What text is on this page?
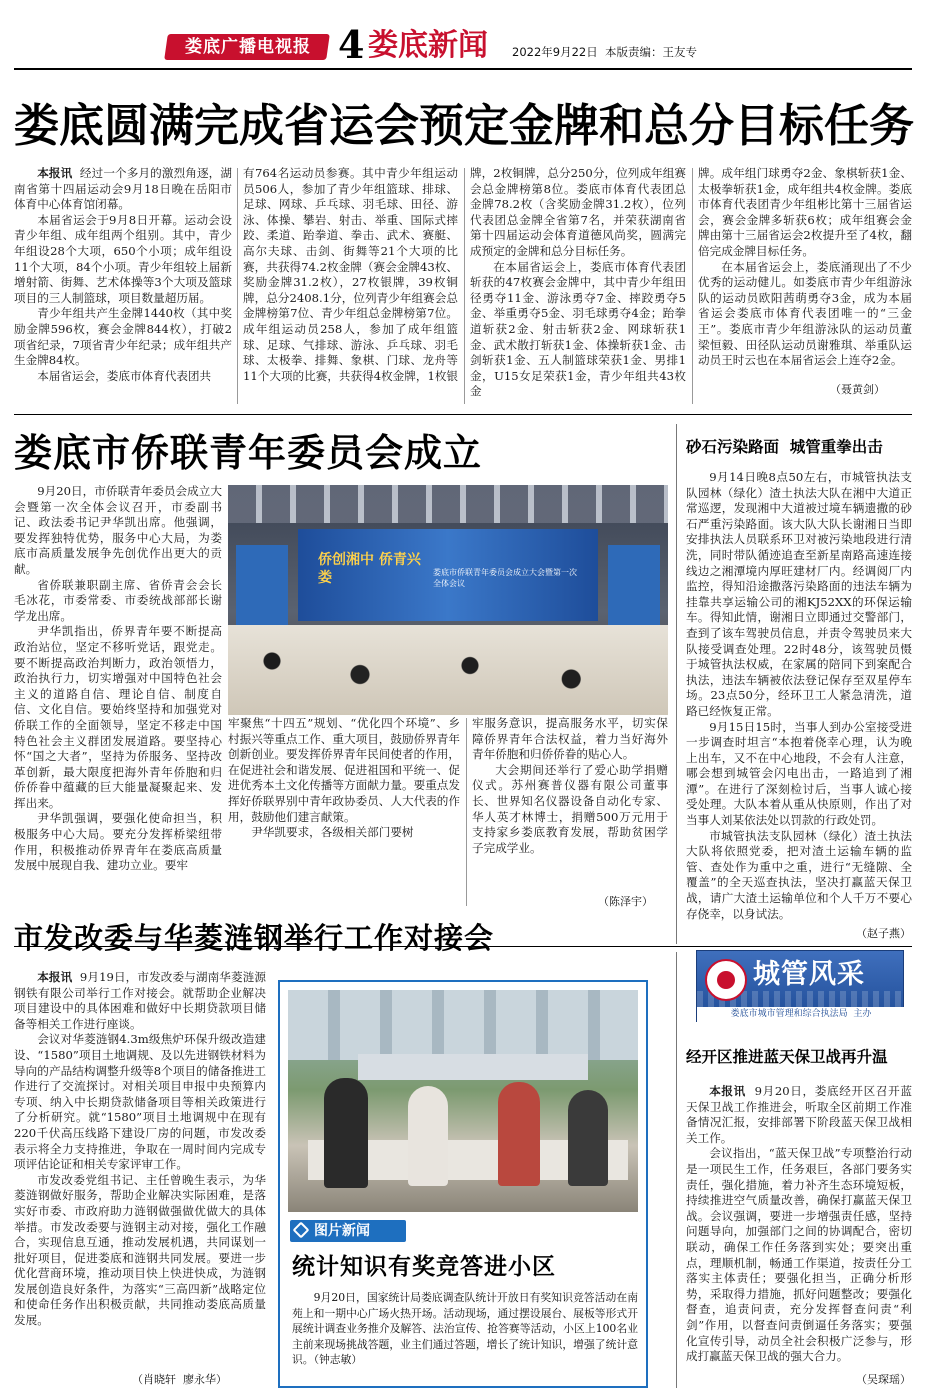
娄底广播电视报 4 娄底新闻 2022年9月22日  本版责编：王友专
娄底圆满完成省运会预定金牌和总分目标任务

本报讯 经过一个多月的激烈角逐，湖南省第十四届运动会9月18日晚在岳阳市体育中心体育馆闭幕。

本届省运会于9月8日开幕。运动会设青少年组、成年组两个组别。其中，青少年组设28个大项，650个小项；成年组设11个大项，84个小项。青少年组较上届新增射箭、街舞、艺术体操等3个大项及篮球项目的三人制篮球，项目数量超历届。

青少年组共产生金牌1440枚（其中奖励金牌596枚，赛会金牌844枚），打破2项省纪录，7项省青少年纪录；成年组共产生金牌84枚。

本届省运会，娄底市体育代表团共

有764名运动员参赛。其中青少年组运动员506人，参加了青少年组篮球、排球、足球、网球、乒乓球、羽毛球、田径、游泳、体操、攀岩、射击、举重、国际式摔跤、柔道、跆拳道、拳击、武术、赛艇、高尔夫球、击剑、街舞等21个大项的比赛，共获得74.2枚金牌（赛会金牌43枚、奖励金牌31.2枚），27枚银牌，39枚铜牌，总分2408.1分，位列青少年组赛会总金牌榜第7位、青少年组总金牌榜第7位。成年组运动员258人，参加了成年组篮球、足球、气排球、游泳、乒乓球、羽毛球、太极拳、排舞、象棋、门球、龙舟等11个大项的比赛，共获得4枚金牌，1枚银

牌，2枚铜牌，总分250分，位列成年组赛会总金牌榜第8位。娄底市体育代表团总金牌78.2枚（含奖励金牌31.2枚），位列代表团总金牌全省第7名，并荣获湖南省第十四届运动会体育道德风尚奖，圆满完成预定的金牌和总分目标任务。

在本届省运会上，娄底市体育代表团斩获的47枚赛会金牌中，其中青少年组田径勇夺11金、游泳勇夺7金、摔跤勇夺5金、举重勇夺5金、羽毛球勇夺4金；跆拳道斩获2金、射击斩获2金、网球斩获1金、武术散打斩获1金、体操斩获1金、击剑斩获1金、五人制篮球荣获1金、男排1金，U15女足荣获1金，青少年组共43枚金

牌。成年组门球勇夺2金、象棋斩获1金、太极拳斩获1金，成年组共4枚金牌。娄底市体育代表团青少年组彬比第十三届省运会，赛会金牌多斩获6枚；成年组赛会金牌由第十三届省运会2枚提升至了4枚，翻倍完成金牌目标任务。

在本届省运会上，娄底涌现出了不少优秀的运动健儿。如娄底市青少年组游泳队的运动员欧阳茜萌勇夺3金，成为本届省运会娄底市体育代表团唯一的“三金王”。娄底市青少年组游泳队的运动员董梁恒毅、田径队运动员谢雅琪、举重队运动员王时云也在本届省运会上连夺2金。

（聂黄剑）
娄底市侨联青年委员会成立

9月20日，市侨联青年委员会成立大会暨第一次全体会议召开，市委副书记、政法委书记尹华凯出席。他强调，要发挥独特优势，服务中心大局，为娄底市高质量发展争先创优作出更大的贡献。

省侨联兼职副主席、省侨青会会长毛冰花，市委常委、市委统战部部长谢学龙出席。

尹华凯指出，侨界青年要不断提高政治站位，坚定不移听党话，跟党走。要不断提高政治判断力，政治领悟力，政治执行力，切实增强对中国特色社会主义的道路自信、理论自信、制度自信、文化自信。要始终坚持和加强党对侨联工作的全面领导，坚定不移走中国特色社会主义群团发展道路。要坚持心怀“国之大者”，坚持为侨服务、坚持改革创新，最大限度把海外青年侨胞和归侨侨眷中蕴藏的巨大能量凝聚起来、发挥出来。

尹华凯强调，要强化使命担当，积极服务中心大局。要充分发挥桥梁纽带作用，积极推动侨界青年在娄底高质量发展中展现自我、建功立业。要牢

侨创湘中 侨青兴娄	娄底市侨联青年委员会成立大会暨第一次全体会议

牢聚焦“十四五”规划、“优化四个环境”、乡村振兴等重点工作、重大项目，鼓励侨界青年创新创业。要发挥侨界青年民间使者的作用，在促进社会和谐发展、促进祖国和平统一、促进优秀本土文化传播等方面献力量。要重点发挥好侨联界别中青年政协委员、人大代表的作用，鼓励他们建言献策。

尹华凯要求，各级相关部门要树

牢服务意识，提高服务水平，切实保障侨界青年合法权益，着力当好海外青年侨胞和归侨侨眷的贴心人。

大会期间还举行了爱心助学捐赠仪式。苏州赛普仪器有限公司董事长、世界知名仪器设备自动化专家、华人英才林博士，捐赠500万元用于支持家乡娄底教育发展，帮助贫困学子完成学业。

（陈泽宇）
砂石污染路面  城管重拳出击

9月14日晚8点50左右，市城管执法支队园林（绿化）渣土执法大队在湘中大道正常巡逻，发现湘中大道被过境车辆遗撒的砂石严重污染路面。该大队大队长谢湘日当即安排执法人员联系环卫对被污染地段进行清洗，同时带队循迹追查至新星南路高速连接线边之湘潭境内厚旺建材厂内。经调阅厂内监控，得知沿途撒落污染路面的违法车辆为挂靠共享运输公司的湘KJ52XX的环保运输车。得知此情，谢湘日立即通过交警部门，查到了该车驾驶员信息，并责令驾驶员来大队接受调查处理。22时48分，该驾驶员慑于城管执法权威，在家属的陪同下到案配合执法，违法车辆被依法登记保存至双星停车场。23点50分，经环卫工人紧急清洗，道路已经恢复正常。

9月15日15时，当事人到办公室接受进一步调查时坦言“本抱着侥幸心理，认为晚上出车，又不在中心地段，不会有人注意，哪会想到城管会闪电出击，一路追到了湘潭”。在进行了深刻检讨后，当事人诚心接受处理。大队本着从重从快原则，作出了对当事人刘某依法处以罚款的行政处罚。

市城管执法支队园林（绿化）渣土执法大队将依照党委，把对渣土运输车辆的监管、查处作为重中之重，进行“无缝隙、全覆盖”的全天巡查执法，坚决打赢蓝天保卫战，请广大渣土运输单位和个人千万不要心存侥幸，以身试法。

（赵子燕）
城管风采
娄底市城市管理和综合执法局  主办
市发改委与华菱涟钢举行工作对接会

本报讯 9月19日，市发改委与湖南华菱涟源钢铁有限公司举行工作对接会。就帮助企业解决项目建设中的具体困难和做好中长期贷款项目储备等相关工作进行座谈。

会议对华菱涟钢4.3m级焦炉环保升级改造建设、“1580”项目土地调规、及以先进钢铁材料为导向的产品结构调整升级等8个项目的储备推进工作进行了交流探讨。对相关项目申报中央预算内专项、纳入中长期贷款储备项目等相关政策进行了分析研究。就“1580”项目土地调规中在现有220千伏高压线路下建设厂房的问题，市发改委表示将全力支持推进，争取在一周时间内完成专项评估论证和相关专家评审工作。

市发改委党组书记、主任曾晚生表示，为华菱涟钢做好服务，帮助企业解决实际困难，是落实好市委、市政府助力涟钢做强做优做大的具体举措。市发改委要与涟钢主动对接，强化工作融合，实现信息互通，推动发展机遇，共同谋划一批好项目，促进娄底和涟钢共同发展。要进一步优化营商环境，推动项目快上快进快成，为涟钢发展创造良好条件，为落实“三高四新”战略定位和使命任务作出积极贡献，共同推动娄底高质量发展。

（肖晓轩  廖永华）
图片新闻
统计知识有奖竞答进小区
9月20日，国家统计局娄底调查队统计开放日有奖知识竞答活动在南苑上和一期中心广场火热开场。活动现场，通过摆设展台、展板等形式开展统计调查业务推介及解答、法治宣传、抢答赛等活动，小区上100名业主前来现场挑战答题，业主们通过答题，增长了统计知识，增强了统计意识。（钟志敏）
经开区推进蓝天保卫战再升温

本报讯 9月20日，娄底经开区召开蓝天保卫战工作推进会，听取全区前期工作准备情况汇报，安排部署下阶段蓝天保卫战相关工作。

会议指出，“蓝天保卫战”专项整治行动是一项民生工作，任务艰巨，各部门要务实责任，强化措施，着力补齐生态环境短板，持续推进空气质量改善，确保打赢蓝天保卫战。会议强调，要进一步增强责任感，坚持问题导向，加强部门之间的协调配合，密切联动，确保工作任务落到实处；要突出重点，理顺机制，畅通工作渠道，按责任分工落实主体责任；要强化担当，正确分析形势，采取得力措施，抓好问题整改；要强化督查，追责问责，充分发挥督查问责“利剑”作用，以督查问责倒逼任务落实；要强化宣传引导，动员全社会积极广泛参与，形成打赢蓝天保卫战的强大合力。

（吴琛瑶）
